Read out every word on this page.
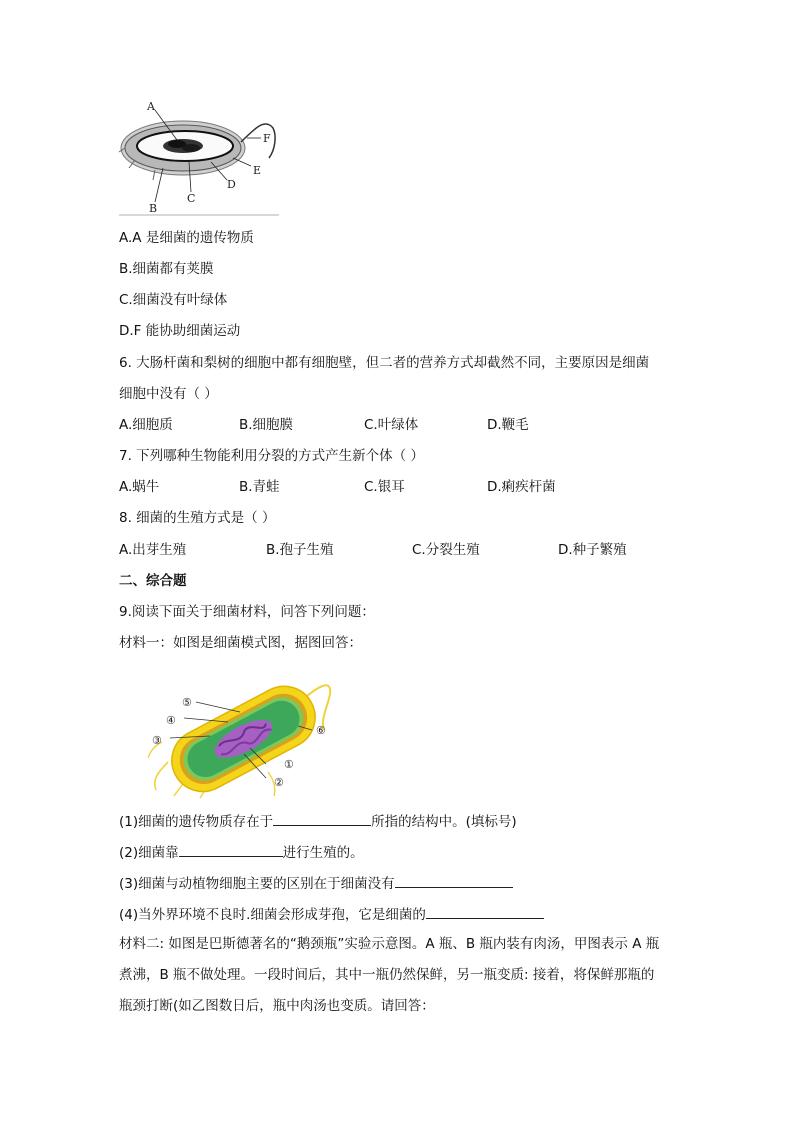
A
B
C
D
E
F
A.A 是细菌的遗传物质
B.细菌都有荚膜
C.细菌没有叶绿体
D.F 能协助细菌运动
6. 大肠杆菌和梨树的细胞中都有细胞壁，但二者的营养方式却截然不同，主要原因是细菌
细胞中没有（ ）
A.细胞质	B.细胞膜	C.叶绿体	D.鞭毛
7. 下列哪种生物能利用分裂的方式产生新个体（ ）
A.蜗牛	B.青蛙	C.银耳	D.痢疾杆菌
8. 细菌的生殖方式是（ ）
A.出芽生殖	B.孢子生殖	C.分裂生殖	D.种子繁殖
二、综合题
9.阅读下面关于细菌材料，问答下列问题：
材料一：如图是细菌模式图，据图回答：
⑤
④
③
①
②
⑥
(1)细菌的遗传物质存在于	所指的结构中。(填标号)
(2)细菌靠	进行生殖的。
(3)细菌与动植物细胞主要的区别在于细菌没有
(4)当外界环境不良时.细菌会形成芽孢，它是细菌的
材料二: 如图是巴斯德著名的“鹅颈瓶”实验示意图。A 瓶、B 瓶内装有肉汤，甲图表示 A 瓶
煮沸，B 瓶不做处理。一段时间后，其中一瓶仍然保鲜，另一瓶变质: 接着，将保鲜那瓶的
瓶颈打断(如乙图数日后，瓶中肉汤也变质。请回答：
